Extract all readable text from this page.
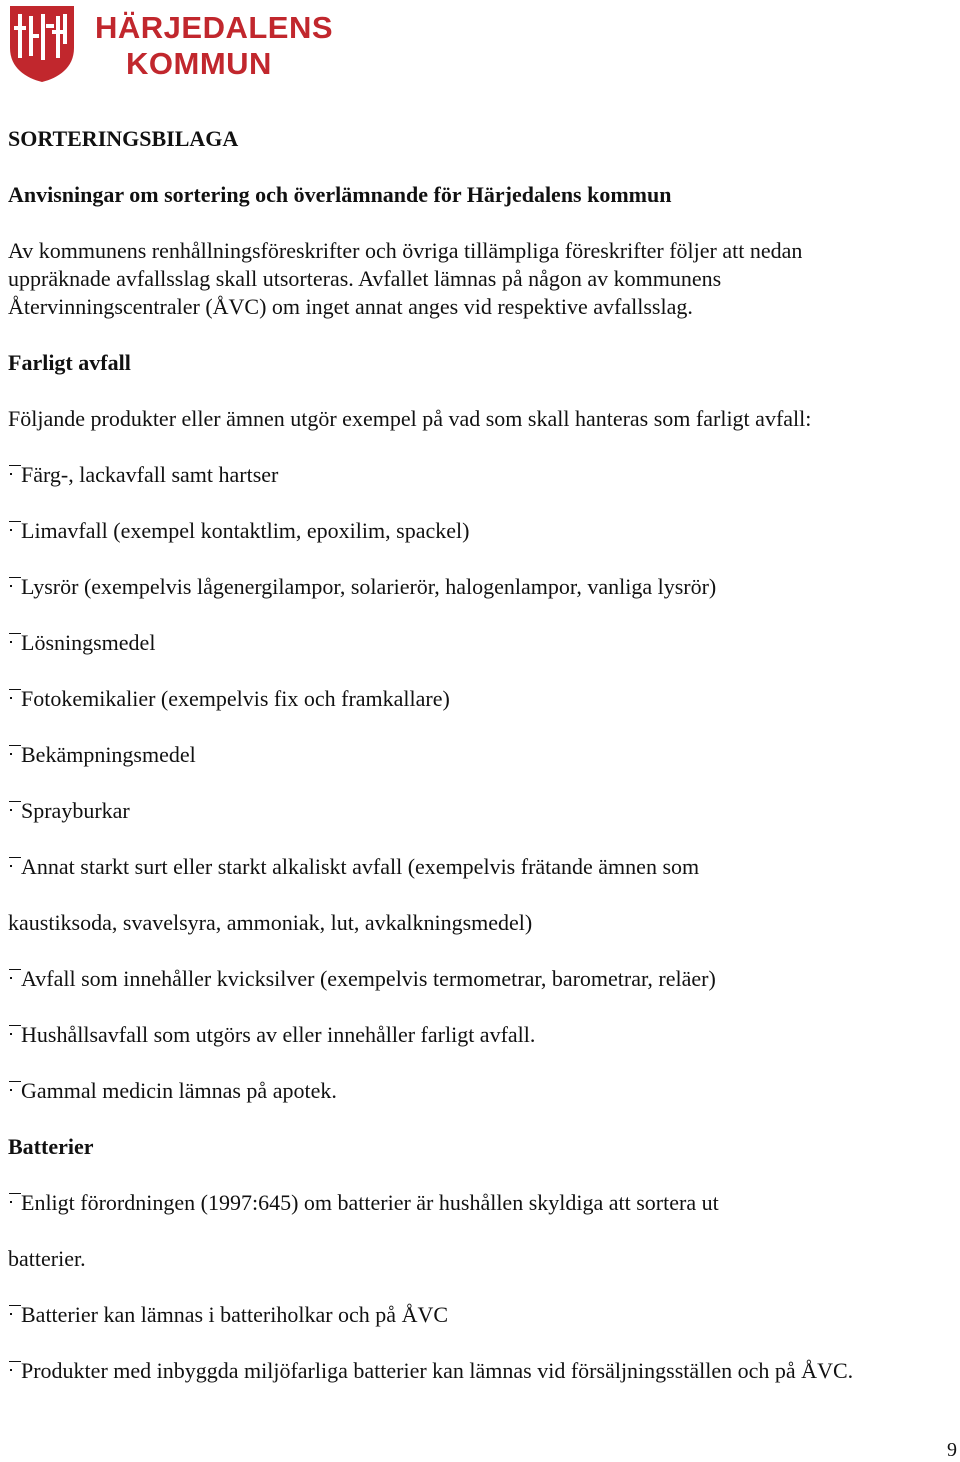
HÄRJEDALENS
KOMMUN
SORTERINGSBILAGA
Anvisningar om sortering och överlämnande för Härjedalens kommun
Av kommunens renhållningsföreskrifter och övriga tillämpliga föreskrifter följer att nedan
uppräknade avfallsslag skall utsorteras. Avfallet lämnas på någon av kommunens
Återvinningscentraler (ÅVC) om inget annat anges vid respektive avfallsslag.
Farligt avfall
Följande produkter eller ämnen utgör exempel på vad som skall hanteras som farligt avfall:
Färg-, lackavfall samt hartser
Limavfall (exempel kontaktlim, epoxilim, spackel)
Lysrör (exempelvis lågenergilampor, solarierör, halogenlampor, vanliga lysrör)
Lösningsmedel
Fotokemikalier (exempelvis fix och framkallare)
Bekämpningsmedel
Sprayburkar
Annat starkt surt eller starkt alkaliskt avfall (exempelvis frätande ämnen som
kaustiksoda, svavelsyra, ammoniak, lut, avkalkningsmedel)
Avfall som innehåller kvicksilver (exempelvis termometrar, barometrar, reläer)
Hushållsavfall som utgörs av eller innehåller farligt avfall.
Gammal medicin lämnas på apotek.
Batterier
Enligt förordningen (1997:645) om batterier är hushållen skyldiga att sortera ut
batterier.
Batterier kan lämnas i batteriholkar och på ÅVC
Produkter med inbyggda miljöfarliga batterier kan lämnas vid försäljningsställen och på ÅVC.
9
